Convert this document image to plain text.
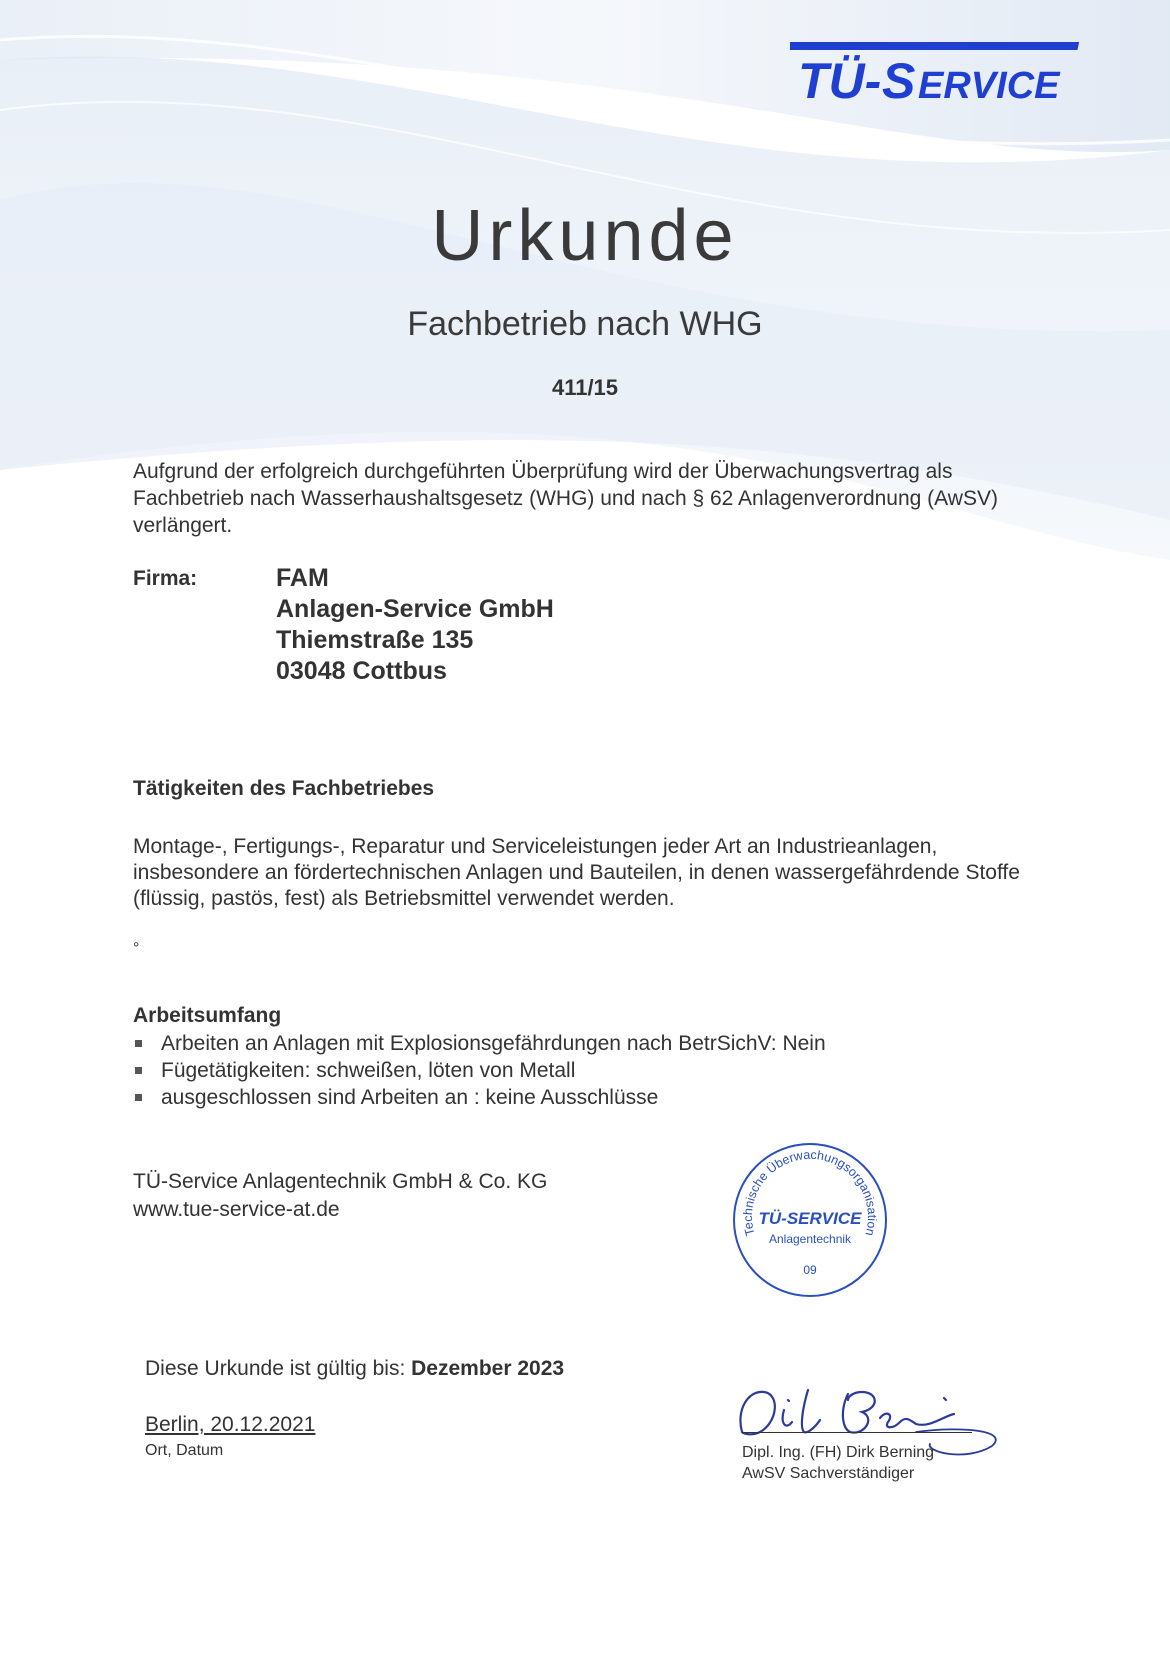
TÜ- S ERVICE
Urkunde
Fachbetrieb nach WHG
411/15
Aufgrund der erfolgreich durchgeführten Überprüfung wird der Überwachungsvertrag als Fachbetrieb nach Wasserhaushaltsgesetz (WHG) und nach § 62 Anlagenverordnung (AwSV) verlängert.
Firma:	FAM
Anlagen-Service GmbH
Thiemstraße 135
03048 Cottbus
Tätigkeiten des Fachbetriebes
Montage-, Fertigungs-, Reparatur und Serviceleistungen jeder Art an Industrieanlagen, insbesondere an fördertechnischen Anlagen und Bauteilen, in denen wassergefährdende Stoffe (flüssig, pastös, fest) als Betriebsmittel verwendet werden.
°
Arbeitsumfang
Arbeiten an Anlagen mit Explosionsgefährdungen nach BetrSichV: Nein
Fügetätigkeiten: schweißen, löten von Metall
ausgeschlossen sind Arbeiten an : keine Ausschlüsse
TÜ-Service Anlagentechnik GmbH & Co. KG
www.tue-service-at.de
Technische Überwachungsorganisation
TÜ-SERVICE
Anlagentechnik
09
Diese Urkunde ist gültig bis: Dezember 2023
Berlin, 20.12.2021
Ort, Datum	Dipl. Ing. (FH) Dirk Berning
AwSV Sachverständiger
